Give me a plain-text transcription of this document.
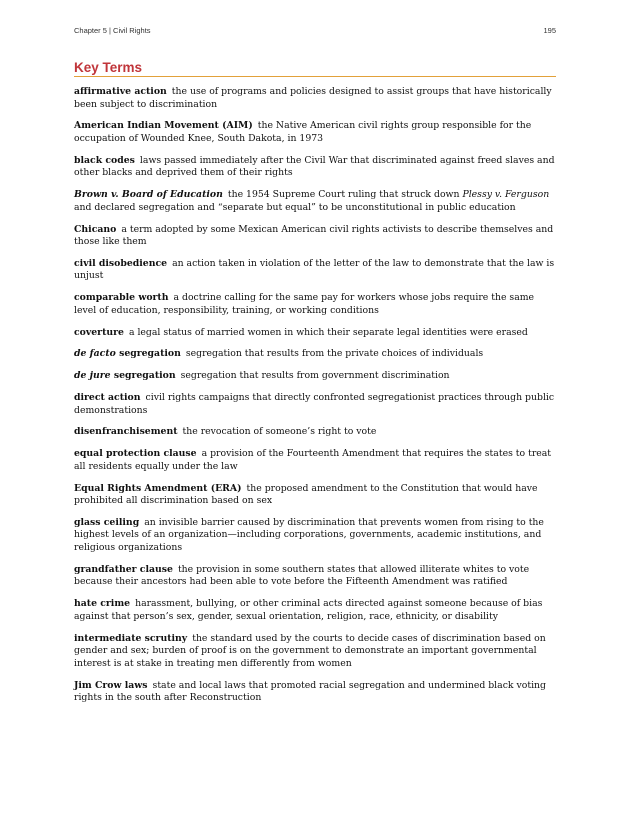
Chapter 5 | Civil Rights	195
Key Terms

affirmative action the use of programs and policies designed to assist groups that have historically been subject to discrimination

American Indian Movement (AIM) the Native American civil rights group responsible for the occupation of Wounded Knee, South Dakota, in 1973

black codes laws passed immediately after the Civil War that discriminated against freed slaves and other blacks and deprived them of their rights

Brown v. Board of Education the 1954 Supreme Court ruling that struck down Plessy v. Ferguson and declared segregation and “separate but equal” to be unconstitutional in public education

Chicano a term adopted by some Mexican American civil rights activists to describe themselves and those like them

civil disobedience an action taken in violation of the letter of the law to demonstrate that the law is unjust

comparable worth a doctrine calling for the same pay for workers whose jobs require the same level of education, responsibility, training, or working conditions

coverture a legal status of married women in which their separate legal identities were erased

de facto segregation segregation that results from the private choices of individuals

de jure segregation segregation that results from government discrimination

direct action civil rights campaigns that directly confronted segregationist practices through public demonstrations

disenfranchisement the revocation of someone’s right to vote

equal protection clause a provision of the Fourteenth Amendment that requires the states to treat all residents equally under the law

Equal Rights Amendment (ERA) the proposed amendment to the Constitution that would have prohibited all discrimination based on sex

glass ceiling an invisible barrier caused by discrimination that prevents women from rising to the highest levels of an organization—including corporations, governments, academic institutions, and religious organizations

grandfather clause the provision in some southern states that allowed illiterate whites to vote because their ancestors had been able to vote before the Fifteenth Amendment was ratified

hate crime harassment, bullying, or other criminal acts directed against someone because of bias against that person’s sex, gender, sexual orientation, religion, race, ethnicity, or disability

intermediate scrutiny the standard used by the courts to decide cases of discrimination based on gender and sex; burden of proof is on the government to demonstrate an important governmental interest is at stake in treating men differently from women

Jim Crow laws state and local laws that promoted racial segregation and undermined black voting rights in the south after Reconstruction
